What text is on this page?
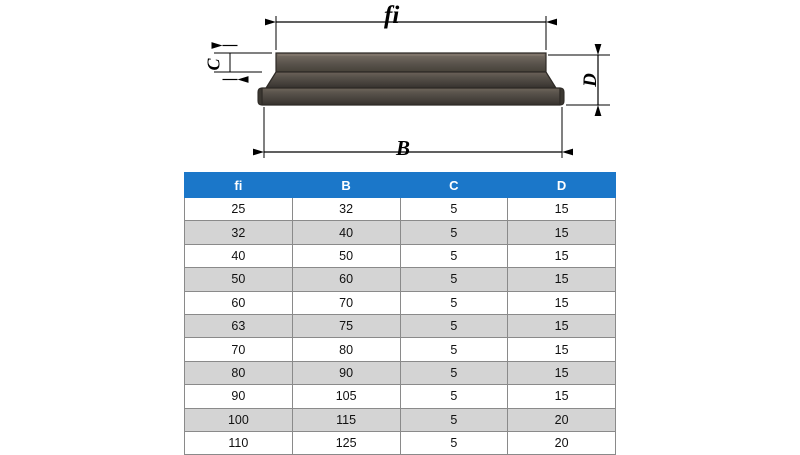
fi
B
C
D
fi	B	C	D
25	32	5	15
32	40	5	15
40	50	5	15
50	60	5	15
60	70	5	15
63	75	5	15
70	80	5	15
80	90	5	15
90	105	5	15
100	115	5	20
110	125	5	20
